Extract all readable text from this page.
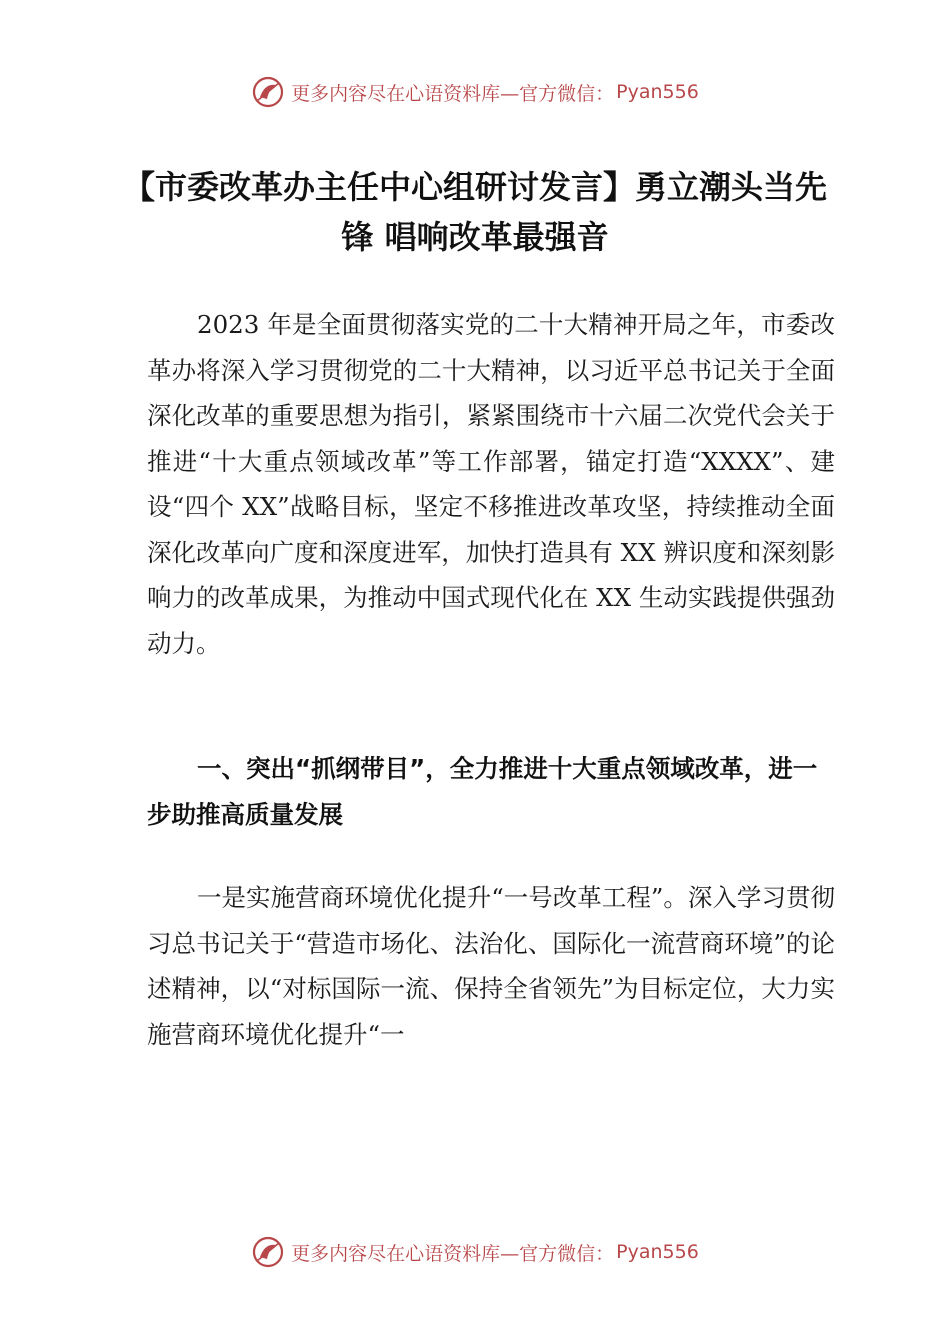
更多内容尽在心语资料库—官方微信： Pyan556
【市委改革办主任中心组研讨发言】勇立潮头当先锋 唱响改革最强音
2023 年是全面贯彻落实党的二十大精神开局之年，市委改革办将深入学习贯彻党的二十大精神，以习近平总书记关于全面深化改革的重要思想为指引，紧紧围绕市十六届二次党代会关于推进“十大重点领域改革”等工作部署，锚定打造“XXXX”、建设“四个 XX”战略目标，坚定不移推进改革攻坚，持续推动全面深化改革向广度和深度进军，加快打造具有 XX 辨识度和深刻影响力的改革成果，为推动中国式现代化在 XX 生动实践提供强劲动力。
一、突出“抓纲带目”，全力推进十大重点领域改革，进一步助推高质量发展
一是实施营商环境优化提升“一号改革工程”。深入学习贯彻习总书记关于“营造市场化、法治化、国际化一流营商环境”的论述精神，以“对标国际一流、保持全省领先”为目标定位，大力实施营商环境优化提升“一
更多内容尽在心语资料库—官方微信： Pyan556
